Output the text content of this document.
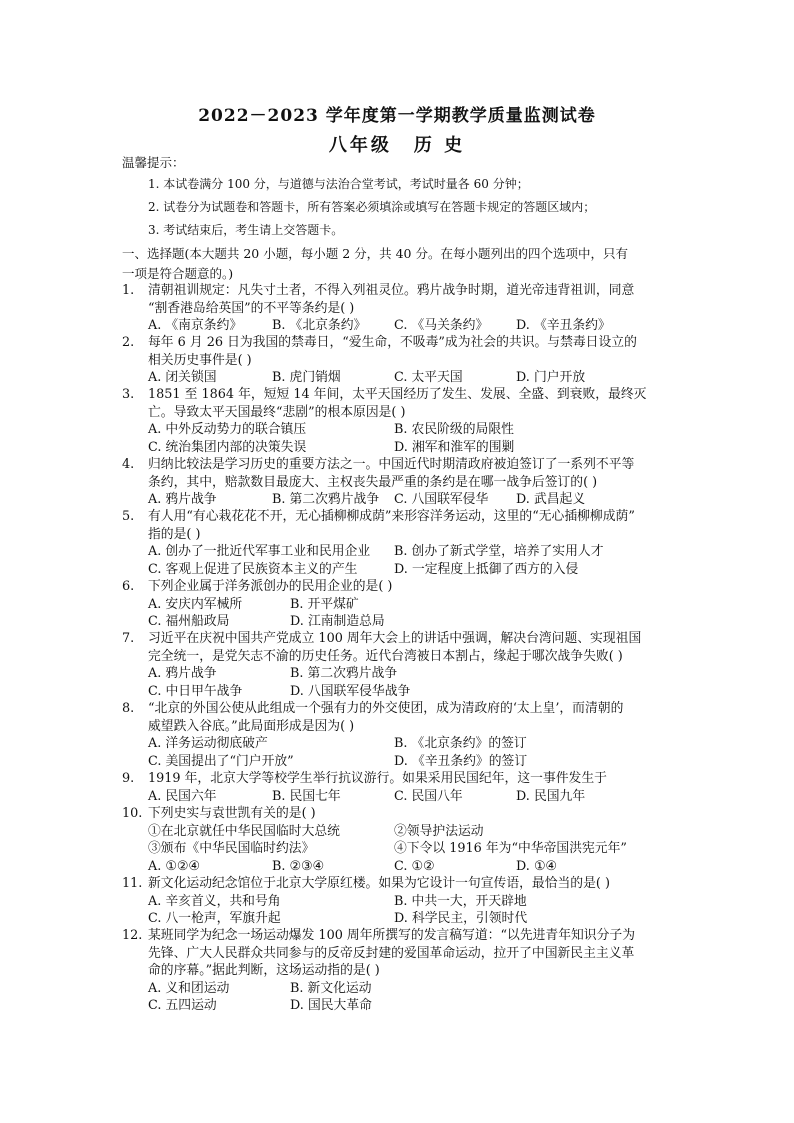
2022－2023 学年度第一学期教学质量监测试卷
八年级 历 史
温馨提示：
1. 本试卷满分 100 分，与道德与法治合堂考试，考试时量各 60 分钟；
2. 试卷分为试题卷和答题卡，所有答案必须填涂或填写在答题卡规定的答题区域内；
3. 考试结束后，考生请上交答题卡。
一、选择题(本大题共 20 小题，每小题 2 分，共 40 分。在每小题列出的四个选项中，只有
一项是符合题意的。)
1.	清朝祖训规定：凡失寸土者，不得入列祖灵位。鸦片战争时期，道光帝违背祖训，同意
“割香港岛给英国”的不平等条约是( )
A. 《南京条约》 B. 《北京条约》 C. 《马关条约》 D. 《辛丑条约》
2.	每年 6 月 26 日为我国的禁毒日，“爱生命，不吸毒”成为社会的共识。与禁毒日设立的
相关历史事件是( )
A. 闭关锁国	B. 虎门销烟	C. 太平天国	D. 门户开放
3.	1851 至 1864 年，短短 14 年间，太平天国经历了发生、发展、全盛、到衰败，最终灭
亡。导致太平天国最终“悲剧”的根本原因是( )
A. 中外反动势力的联合镇压	B. 农民阶级的局限性
C. 统治集团内部的决策失误	D. 湘军和淮军的围剿
4.	归纳比较法是学习历史的重要方法之一。中国近代时期清政府被迫签订了一系列不平等
条约，其中，赔款数目最庞大、主权丧失最严重的条约是在哪一战争后签订的( )
A. 鸦片战争	B. 第二次鸦片战争 C. 八国联军侵华 D. 武昌起义
5.	有人用“有心栽花花不开，无心插柳柳成荫”来形容洋务运动，这里的“无心插柳柳成荫”
指的是( )
A. 创办了一批近代军事工业和民用企业 B. 创办了新式学堂，培养了实用人才
C. 客观上促进了民族资本主义的产生	D. 一定程度上抵御了西方的入侵
6.	下列企业属于洋务派创办的民用企业的是( )
A. 安庆内军械所	B. 开平煤矿
C. 福州船政局	D. 江南制造总局
7.	习近平在庆祝中国共产党成立 100 周年大会上的讲话中强调，解决台湾问题、实现祖国
完全统一，是党矢志不渝的历史任务。近代台湾被日本割占，缘起于哪次战争失败( )
A. 鸦片战争	B. 第二次鸦片战争
C. 中日甲午战争	D. 八国联军侵华战争
8.	“北京的外国公使从此组成一个强有力的外交使团，成为清政府的‘太上皇’，而清朝的
威望跌入谷底。”此局面形成是因为( )
A. 洋务运动彻底破产	B. 《北京条约》的签订
C. 美国提出了“门户开放”	D. 《辛丑条约》的签订
9.	1919 年，北京大学等校学生举行抗议游行。如果采用民国纪年，这一事件发生于
A. 民国六年	B. 民国七年	C. 民国八年	D. 民国九年
10. 下列史实与袁世凯有关的是( )
①在北京就任中华民国临时大总统	②领导护法运动
③颁布《中华民国临时约法》	④下令以 1916 年为“中华帝国洪宪元年”
A. ①②④	B. ②③④	C. ①②	D. ①④
11. 新文化运动纪念馆位于北京大学原红楼。如果为它设计一句宣传语，最恰当的是( )
A. 辛亥首义，共和号角	B. 中共一大，开天辟地
C. 八一枪声，军旗升起	D. 科学民主，引领时代
12. 某班同学为纪念一场运动爆发 100 周年所撰写的发言稿写道：“以先进青年知识分子为
先锋、广大人民群众共同参与的反帝反封建的爱国革命运动，拉开了中国新民主主义革
命的序幕。”据此判断，这场运动指的是( )
A. 义和团运动	B. 新文化运动
C. 五四运动	D. 国民大革命
